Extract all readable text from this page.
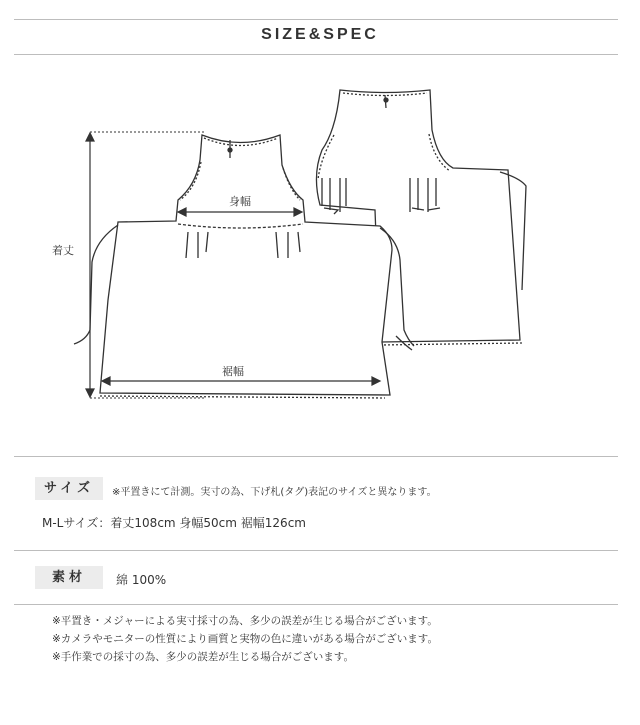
SIZE&SPEC
着丈
身幅
裾幅
サイズ	※平置きにて計測。実寸の為、下げ札(タグ)表記のサイズと異なります。
M-Lサイズ：着丈108cm 身幅50cm 裾幅126cm
素材	綿 100%
※平置き・メジャーによる実寸採寸の為、多少の誤差が生じる場合がございます。
※カメラやモニターの性質により画質と実物の色に違いがある場合がございます。
※手作業での採寸の為、多少の誤差が生じる場合がございます。
